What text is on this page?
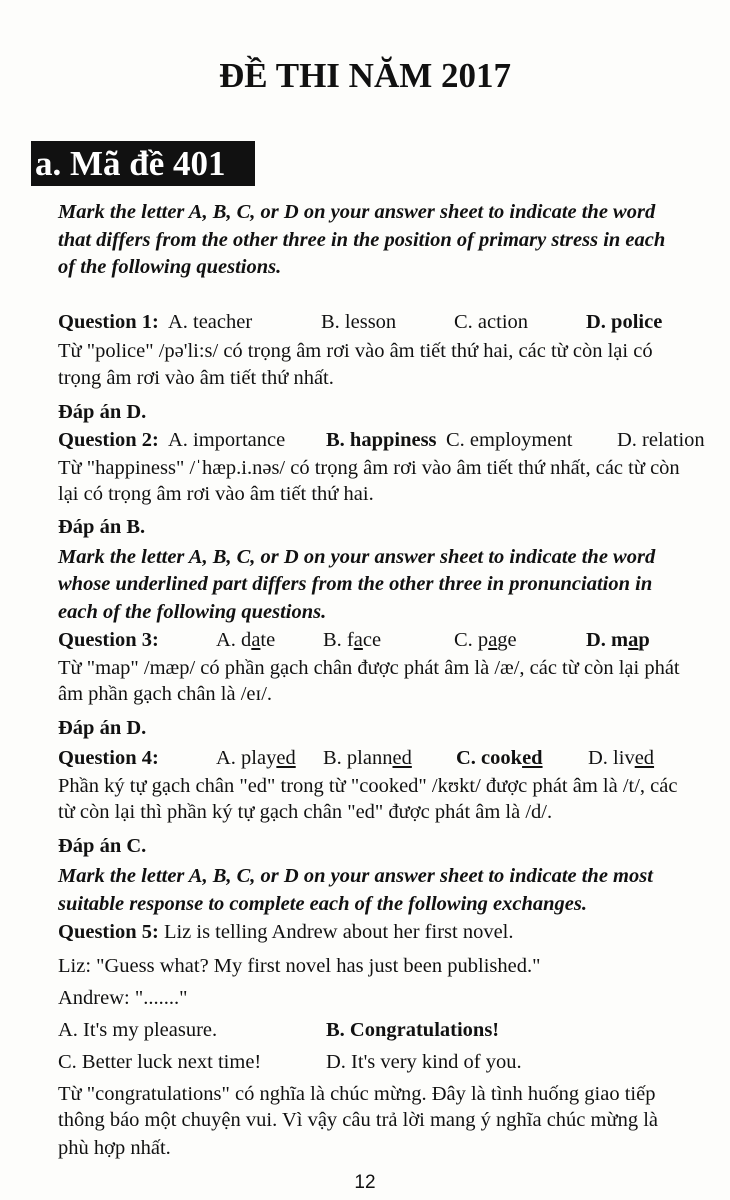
ĐỀ THI NĂM 2017
a. Mã đề 401
Mark the letter A, B, C, or D on your answer sheet to indicate the word
that differs from the other three in the position of primary stress in each
of the following questions.
Question 1: A. teacher	B. lesson	C. action	D. police
Từ "police" /pə'li:s/ có trọng âm rơi vào âm tiết thứ hai, các từ còn lại có
trọng âm rơi vào âm tiết thứ nhất.
Đáp án D.
Question 2: A. importance B. happiness C. employment D. relation
Từ "happiness" /ˈhæp.i.nəs/ có trọng âm rơi vào âm tiết thứ nhất, các từ còn
lại có trọng âm rơi vào âm tiết thứ hai.
Đáp án B.
Mark the letter A, B, C, or D on your answer sheet to indicate the word
whose underlined part differs from the other three in pronunciation in
each of the following questions.
Question 3:	A. date B. face	C. page	D. map
Từ "map" /mæp/ có phần gạch chân được phát âm là /æ/, các từ còn lại phát
âm phần gạch chân là /eɪ/.
Đáp án D.
Question 4:	A. played B. planned C. cooked D. lived
Phần ký tự gạch chân "ed" trong từ "cooked" /kʊkt/ được phát âm là /t/, các
từ còn lại thì phần ký tự gạch chân "ed" được phát âm là /d/.
Đáp án C.
Mark the letter A, B, C, or D on your answer sheet to indicate the most
suitable response to complete each of the following exchanges.
Question 5: Liz is telling Andrew about her first novel.
Liz: "Guess what? My first novel has just been published."
Andrew: "......."
A. It's my pleasure.	B. Congratulations!
C. Better luck next time!	D. It's very kind of you.
Từ "congratulations" có nghĩa là chúc mừng. Đây là tình huống giao tiếp
thông báo một chuyện vui. Vì vậy câu trả lời mang ý nghĩa chúc mừng là
phù hợp nhất.
12
